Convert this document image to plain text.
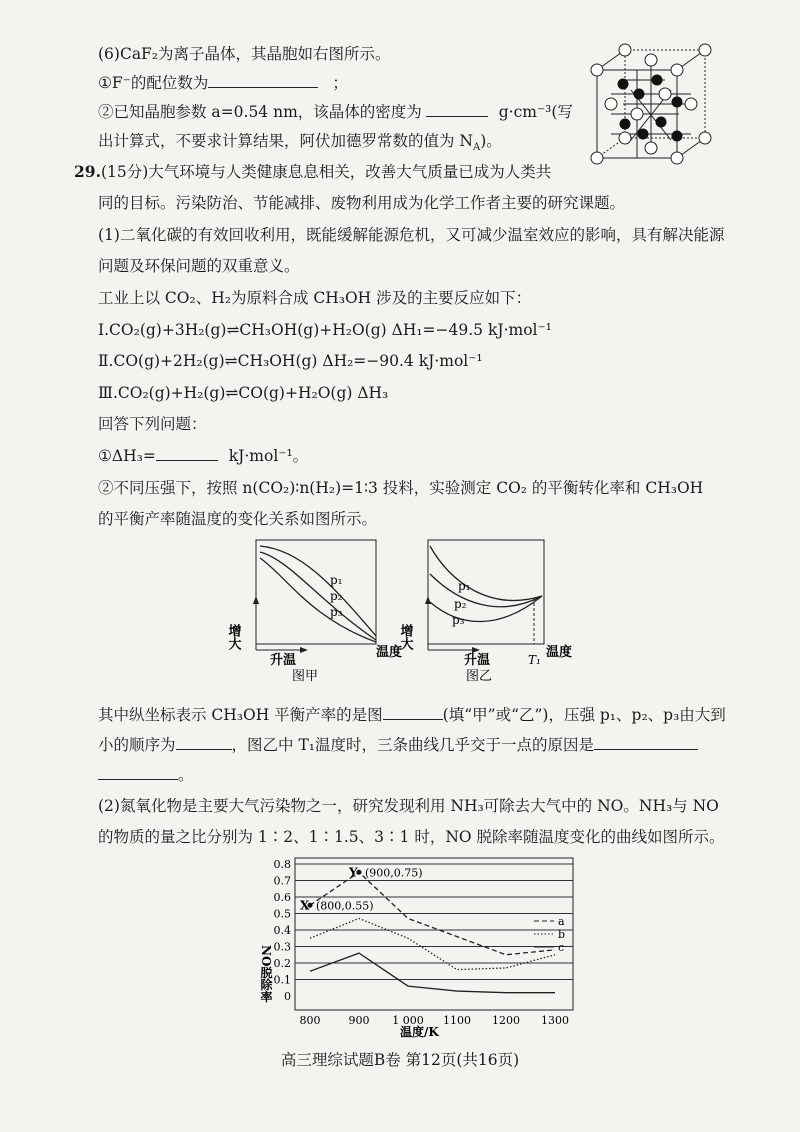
(6)CaF₂为离子晶体，其晶胞如右图所示。
①F⁻的配位数为	；
②已知晶胞参数 a=0.54 nm，该晶体的密度为	g·cm⁻³(写
出计算式，不要求计算结果，阿伏加德罗常数的值为 $N_A$)。
29.(15分)大气环境与人类健康息息相关，改善大气质量已成为人类共
同的目标。污染防治、节能减排、废物利用成为化学工作者主要的研究课题。
(1)二氧化碳的有效回收利用，既能缓解能源危机，又可减少温室效应的影响，具有解决能源
问题及环保问题的双重意义。
工业上以 CO₂、H₂为原料合成 CH₃OH 涉及的主要反应如下：
Ⅰ.CO₂(g)+3H₂(g)⇌CH₃OH(g)+H₂O(g) ΔH₁=−49.5 kJ·mol⁻¹
Ⅱ.CO(g)+2H₂(g)⇌CH₃OH(g) ΔH₂=−90.4 kJ·mol⁻¹
Ⅲ.CO₂(g)+H₂(g)⇌CO(g)+H₂O(g) ΔH₃
回答下列问题：
①ΔH₃=	kJ·mol⁻¹。
②不同压强下，按照 n(CO₂)∶n(H₂)=1∶3 投料，实验测定 CO₂ 的平衡转化率和 CH₃OH
的平衡产率随温度的变化关系如图所示。
p₁
p₂
p₃
增大
升温
温度
图甲
p₁
p₂
p₃
增大
升温	T₁ 温度
图乙
其中纵坐标表示 CH₃OH 平衡产率的是图	(填“甲”或“乙”)，压强 p₁、p₂、p₃由大到
小的顺序为	，图乙中 T₁温度时，三条曲线几乎交于一点的原因是
。
(2)氮氧化物是主要大气污染物之一，研究发现利用 NH₃可除去大气中的 NO。NH₃与 NO
的物质的量之比分别为 1∶2、1∶1.5、3∶1 时，NO 脱除率随温度变化的曲线如图所示。
0
0.1
0.2
0.3
0.4
0.5
0.6
0.7
0.8
800	900 1 000 1100 1200 1300
Y (900,0.75)
X (800,0.55)
a
b
c
NO脱除率
温度/K
高三理综试题B卷 第12页(共16页)
